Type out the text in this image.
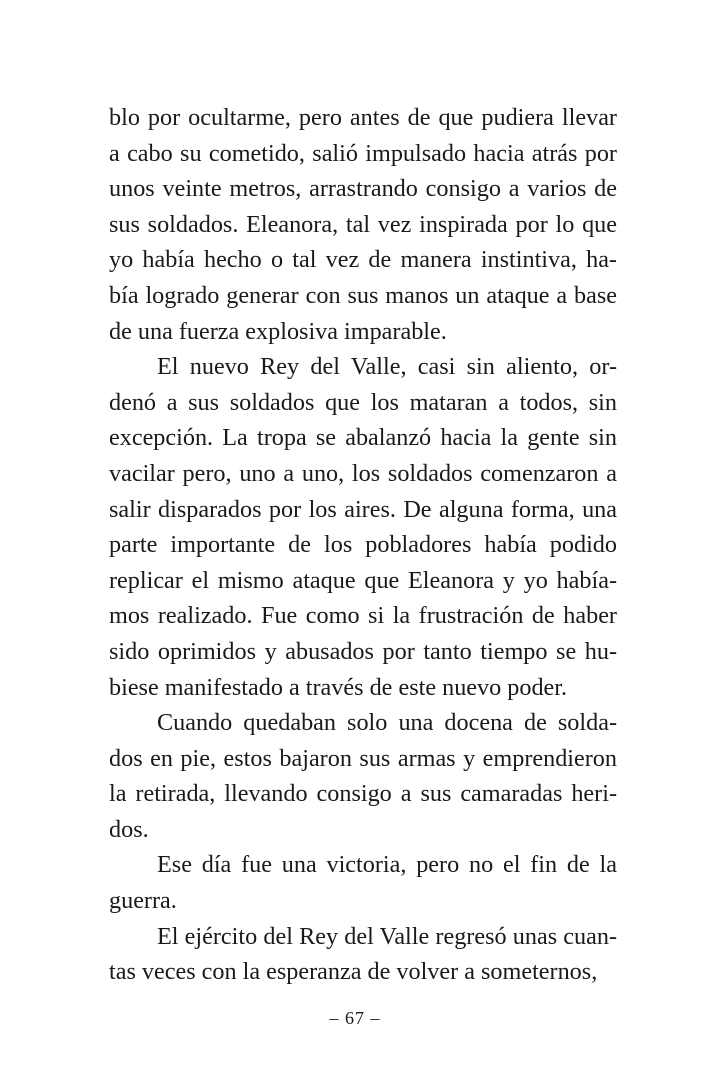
blo por ocultarme, pero antes de que pudiera llevar
a cabo su cometido, salió impulsado hacia atrás por
unos veinte metros, arrastrando consigo a varios de
sus soldados. Eleanora, tal vez inspirada por lo que
yo había hecho o tal vez de manera instintiva, ha-
bía logrado generar con sus manos un ataque a base
de una fuerza explosiva imparable.
El nuevo Rey del Valle, casi sin aliento, or-
denó a sus soldados que los mataran a todos, sin
excepción. La tropa se abalanzó hacia la gente sin
vacilar pero, uno a uno, los soldados comenzaron a
salir disparados por los aires. De alguna forma, una
parte importante de los pobladores había podido
replicar el mismo ataque que Eleanora y yo había-
mos realizado. Fue como si la frustración de haber
sido oprimidos y abusados por tanto tiempo se hu-
biese manifestado a través de este nuevo poder.
Cuando quedaban solo una docena de solda-
dos en pie, estos bajaron sus armas y emprendieron
la retirada, llevando consigo a sus camaradas heri-
dos.
Ese día fue una victoria, pero no el fin de la
guerra.
El ejército del Rey del Valle regresó unas cuan-
tas veces con la esperanza de volver a someternos,
– 67 –
